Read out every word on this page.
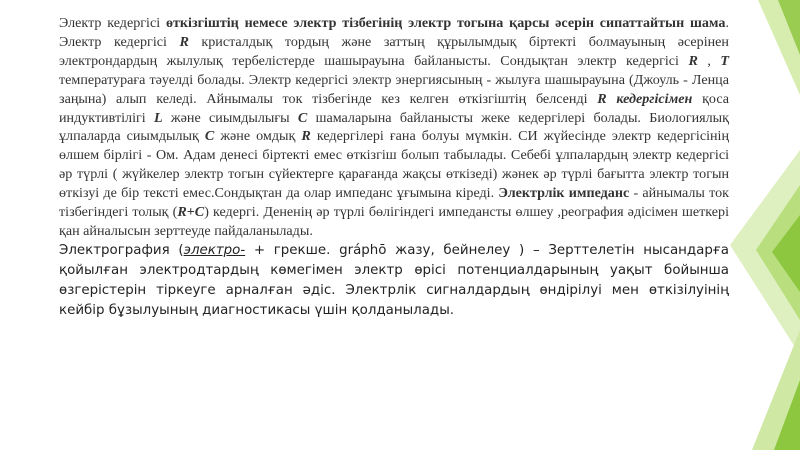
Электр кедергісі өткізгіштің немесе электр тізбегінің электр тогына қарсы әсерін сипаттайтын шама. Электр кедергісі R кристалдық тордың және заттың құрылымдық біртекті болмауының әсерінен электрондардың жылулық тербелістерде шашырауына байланысты. Сондықтан электр кедергісі R , T температураға тәуелді болады. Электр кедергісі электр энергиясының - жылуға шашырауына (Джоуль - Ленца заңына) алып келеді. Айнымалы ток тізбегінде кез келген өткізгіштің белсенді R кедергісімен қоса индуктивтілігі L және сиымдылығы С шамаларына байланысты жеке кедергілері болады. Биологиялық ұлпаларда сиымдылық С және омдық R кедергілері ғана болуы мүмкін. СИ жүйесінде электр кедергісінің өлшем бірлігі - Ом. Адам денесі біртекті емес өткізгіш болып табылады. Себебі ұлпалардың электр кедергісі әр түрлі ( жүйкелер электр тогын сүйектерге қарағанда жақсы өткізеді) жәнек әр түрлі бағытта электр тогын өткізуі де бір тексті емес.Сондықтан да олар импеданс ұғымына кіреді. Электрлік импеданс - айнымалы ток тізбегіндегі толық (R+С) кедергі. Дененің әр түрлі бөлігіндегі импедансты өлшеу ,реография әдісімен шеткері қан айналысын зерттеуде пайдаланылады.

Электрография (электро- + грекше. gráphō жазу, бейнелеу ) – Зерттелетін нысандарға қойылған электродтардың көмегімен электр өрісі потенциалдарының уақыт бойынша өзгерістерін тіркеуге арналған әдіс. Электрлік сигналдардың өндірілуі мен өткізілуінің кейбір бұзылуының диагностикасы үшін қолданылады.
